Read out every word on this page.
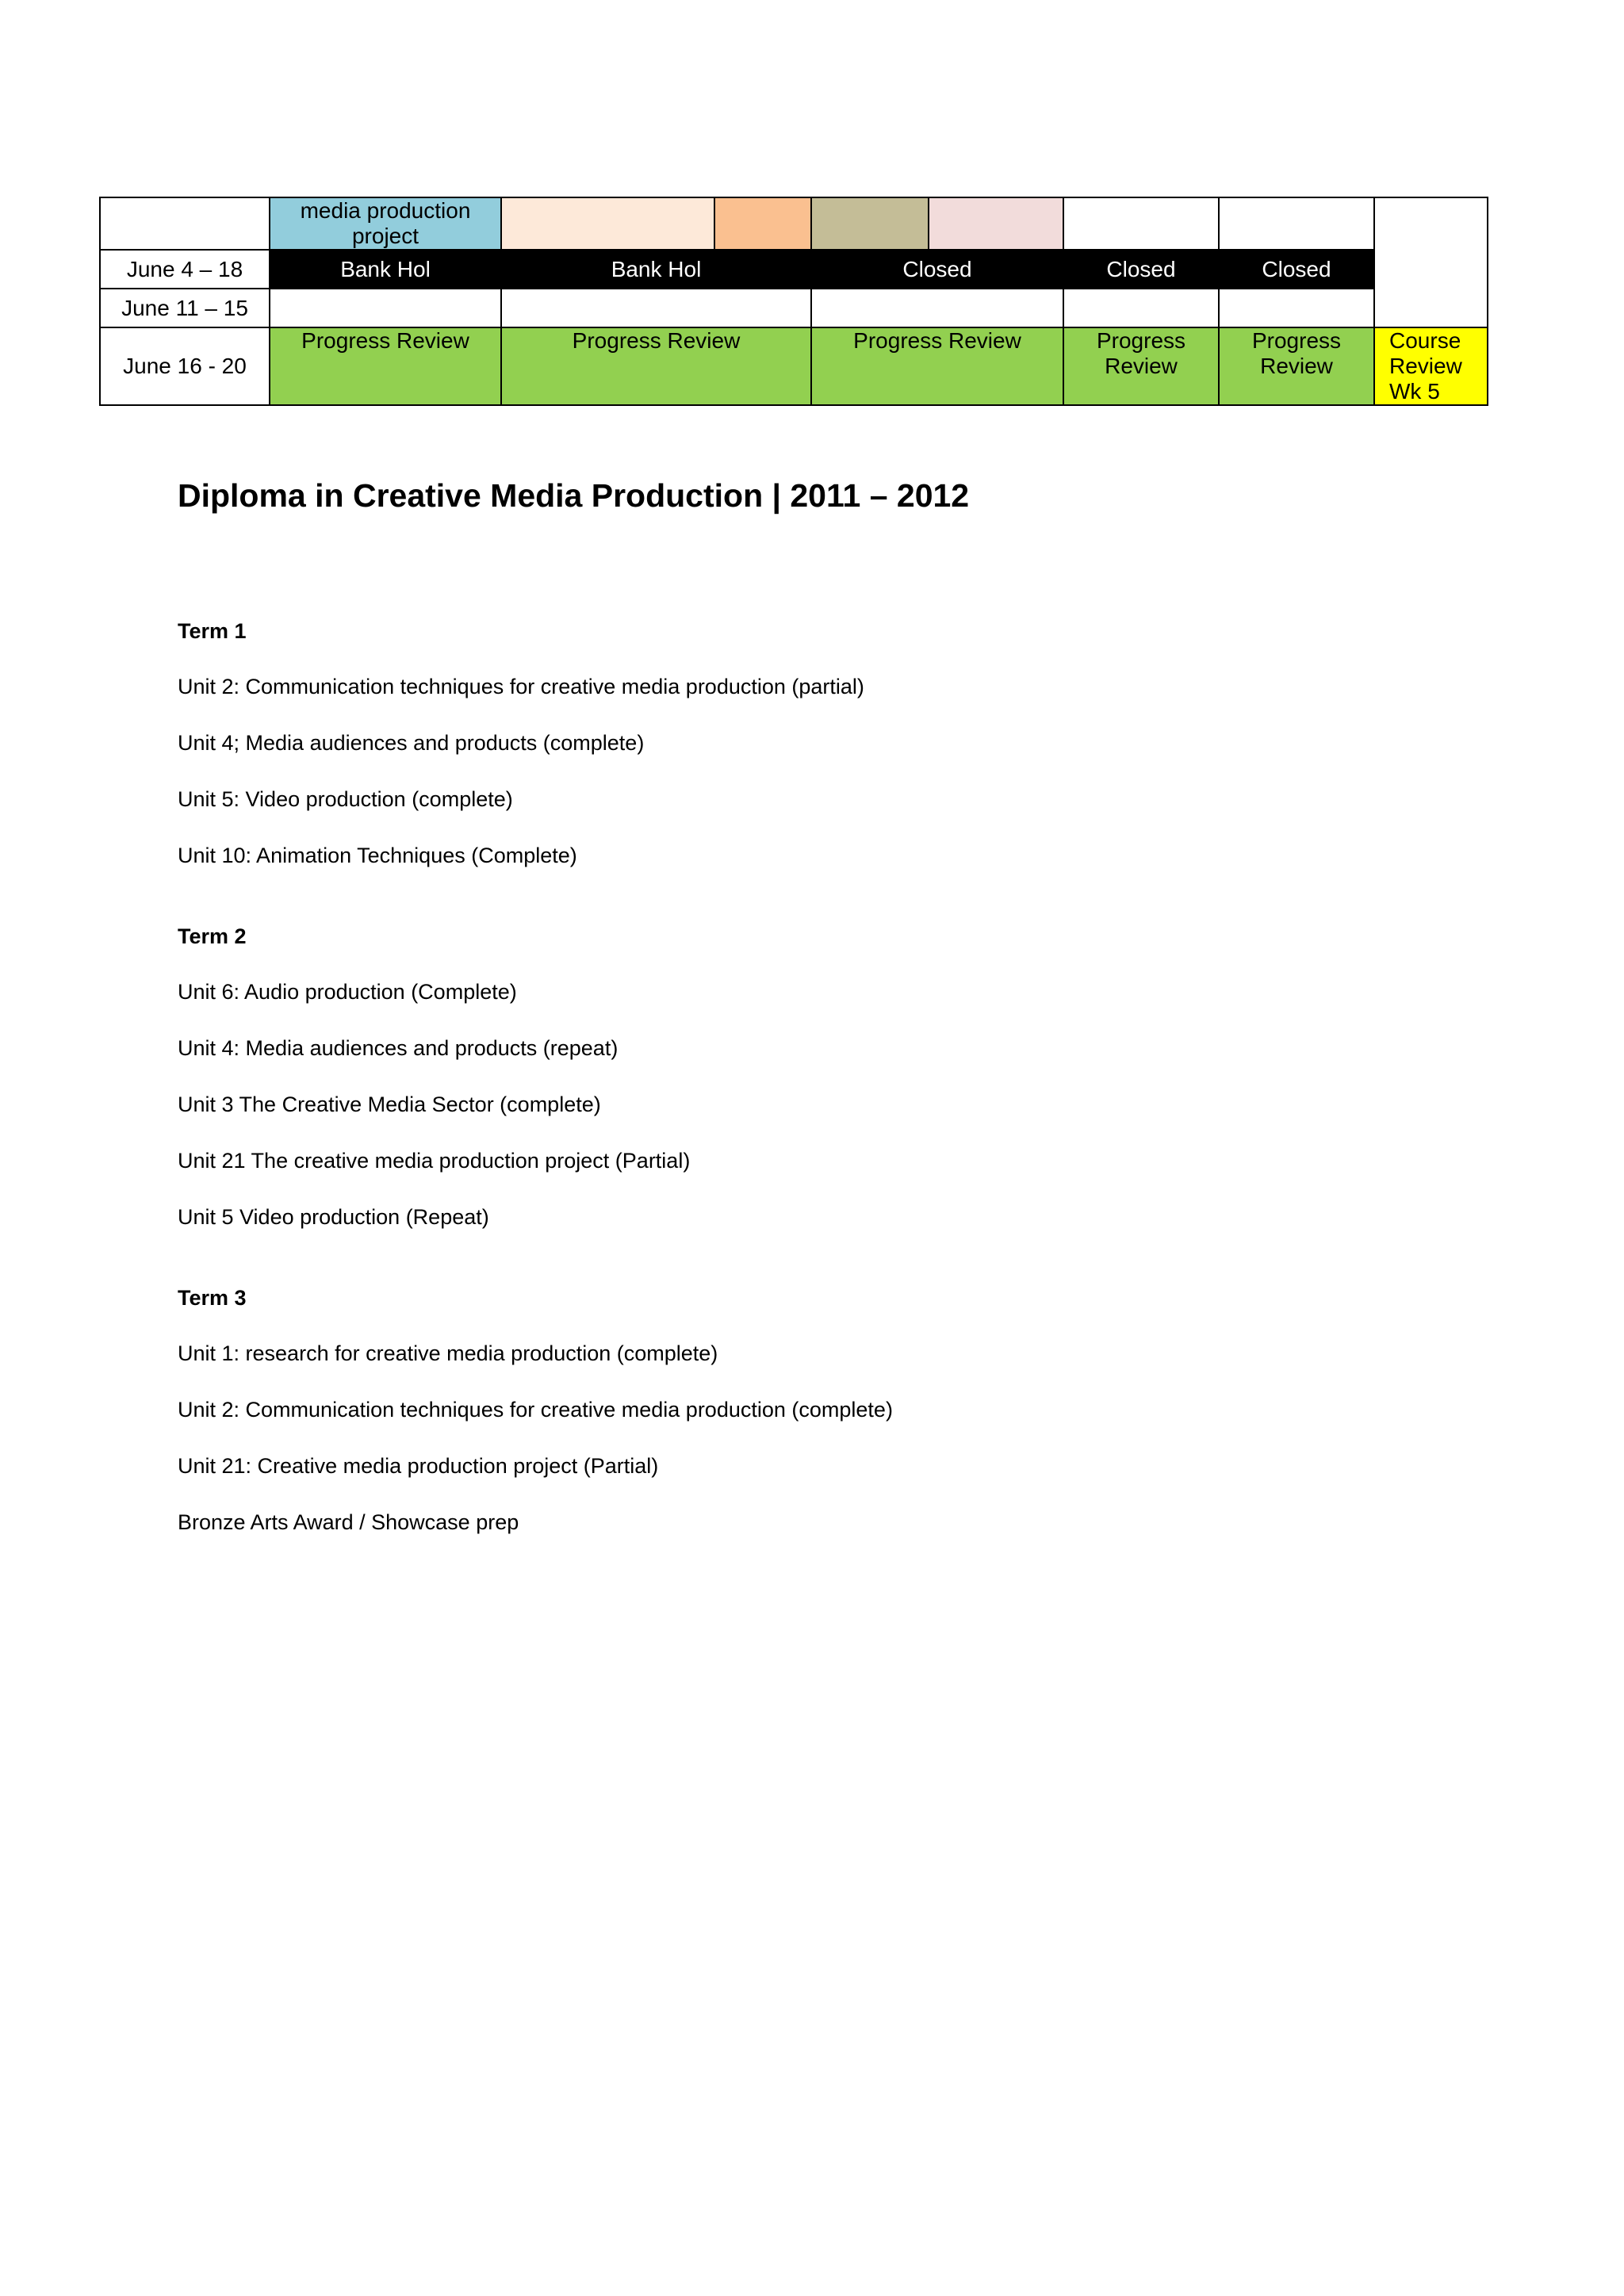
	media production project							
June 4 – 18	Bank Hol	Bank Hol		Closed		Closed	Closed	
June 11 – 15								
June 16 - 20	Progress Review	Progress Review		Progress Review		Progress Review	Progress Review	Course Review Wk 5
Diploma in Creative Media Production | 2011 – 2012
Term 1
Unit 2: Communication techniques for creative media production (partial)
Unit 4; Media audiences and products (complete)
Unit 5: Video production (complete)
Unit 10: Animation Techniques (Complete)
Term 2
Unit 6: Audio production (Complete)
Unit 4: Media audiences and products (repeat)
Unit 3 The Creative Media Sector (complete)
Unit 21 The creative media production project (Partial)
Unit 5 Video production (Repeat)
Term 3
Unit 1: research for creative media production (complete)
Unit 2: Communication techniques for creative media production (complete)
Unit 21: Creative media production project (Partial)
Bronze Arts Award / Showcase prep
